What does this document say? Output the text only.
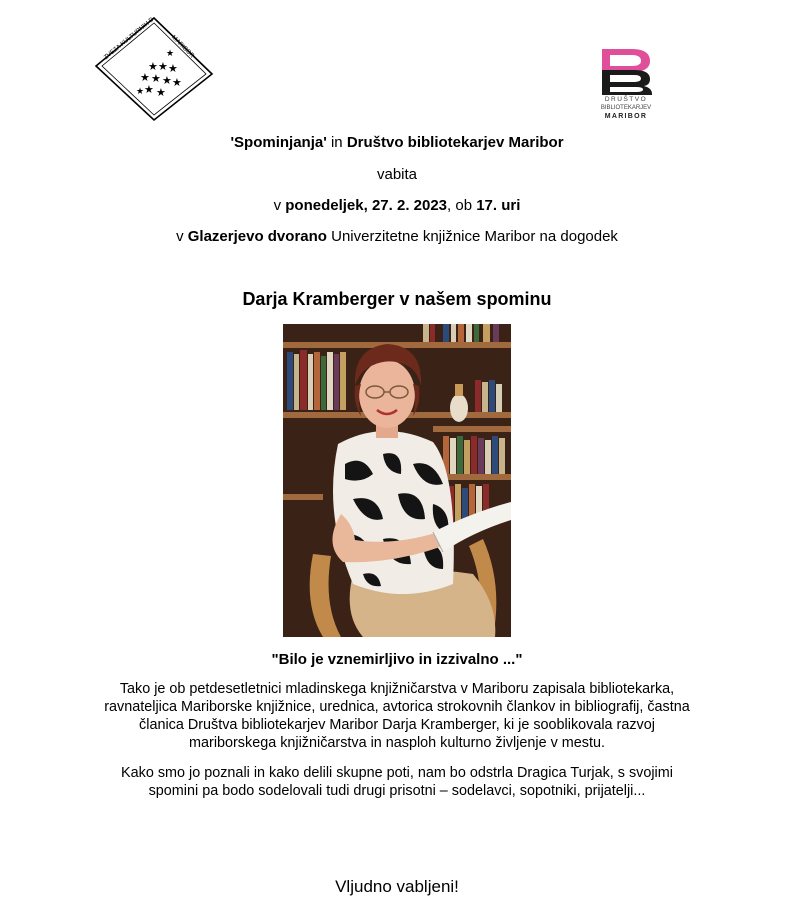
ZVEZA KULTURNIH D
MARIBOR
★
★ ★ ★
★ ★ ★ ★
★ ★
★
DRUŠTVO
BIBLIOTEKARJEV
MARIBOR
'Spominjanja' in Društvo bibliotekarjev Maribor
vabita
v ponedeljek, 27. 2. 2023, ob 17. uri
v Glazerjevo dvorano Univerzitetne knjižnice Maribor na dogodek
Darja Kramberger v našem spominu
"Bilo je vznemirljivo in izzivalno ..."
Tako je ob petdesetletnici mladinskega knjižničarstva v Mariboru zapisala bibliotekarka, ravnateljica Mariborske knjižnice, urednica, avtorica strokovnih člankov in bibliografij, častna članica Društva bibliotekarjev Maribor Darja Kramberger, ki je sooblikovala razvoj mariborskega knjižničarstva in nasploh kulturno življenje v mestu.
Kako smo jo poznali in kako delili skupne poti, nam bo odstrla Dragica Turjak, s svojimi spomini pa bodo sodelovali tudi drugi prisotni – sodelavci, sopotniki, prijatelji...
Vljudno vabljeni!
